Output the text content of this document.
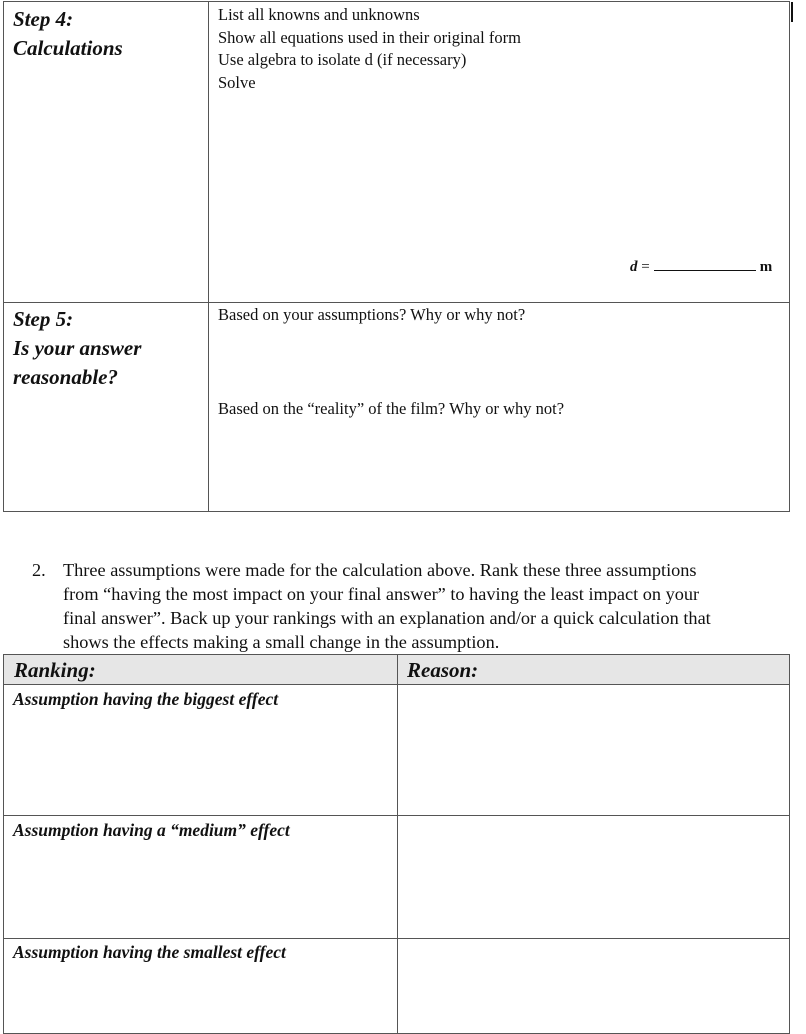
Step 4:
Calculations
List all knowns and unknowns
Show all equations used in their original form
Use algebra to isolate d (if necessary)
Solve
d =	m
Step 5:
Is your answer
reasonable?
Based on your assumptions? Why or why not?
Based on the “reality” of the film? Why or why not?
2. Three assumptions were made for the calculation above. Rank these three assumptions
from “having the most impact on your final answer” to having the least impact on your
final answer”. Back up your rankings with an explanation and/or a quick calculation that
shows the effects making a small change in the assumption.
Ranking:	Reason:
Assumption having the biggest effect
Assumption having a “medium” effect
Assumption having the smallest effect
